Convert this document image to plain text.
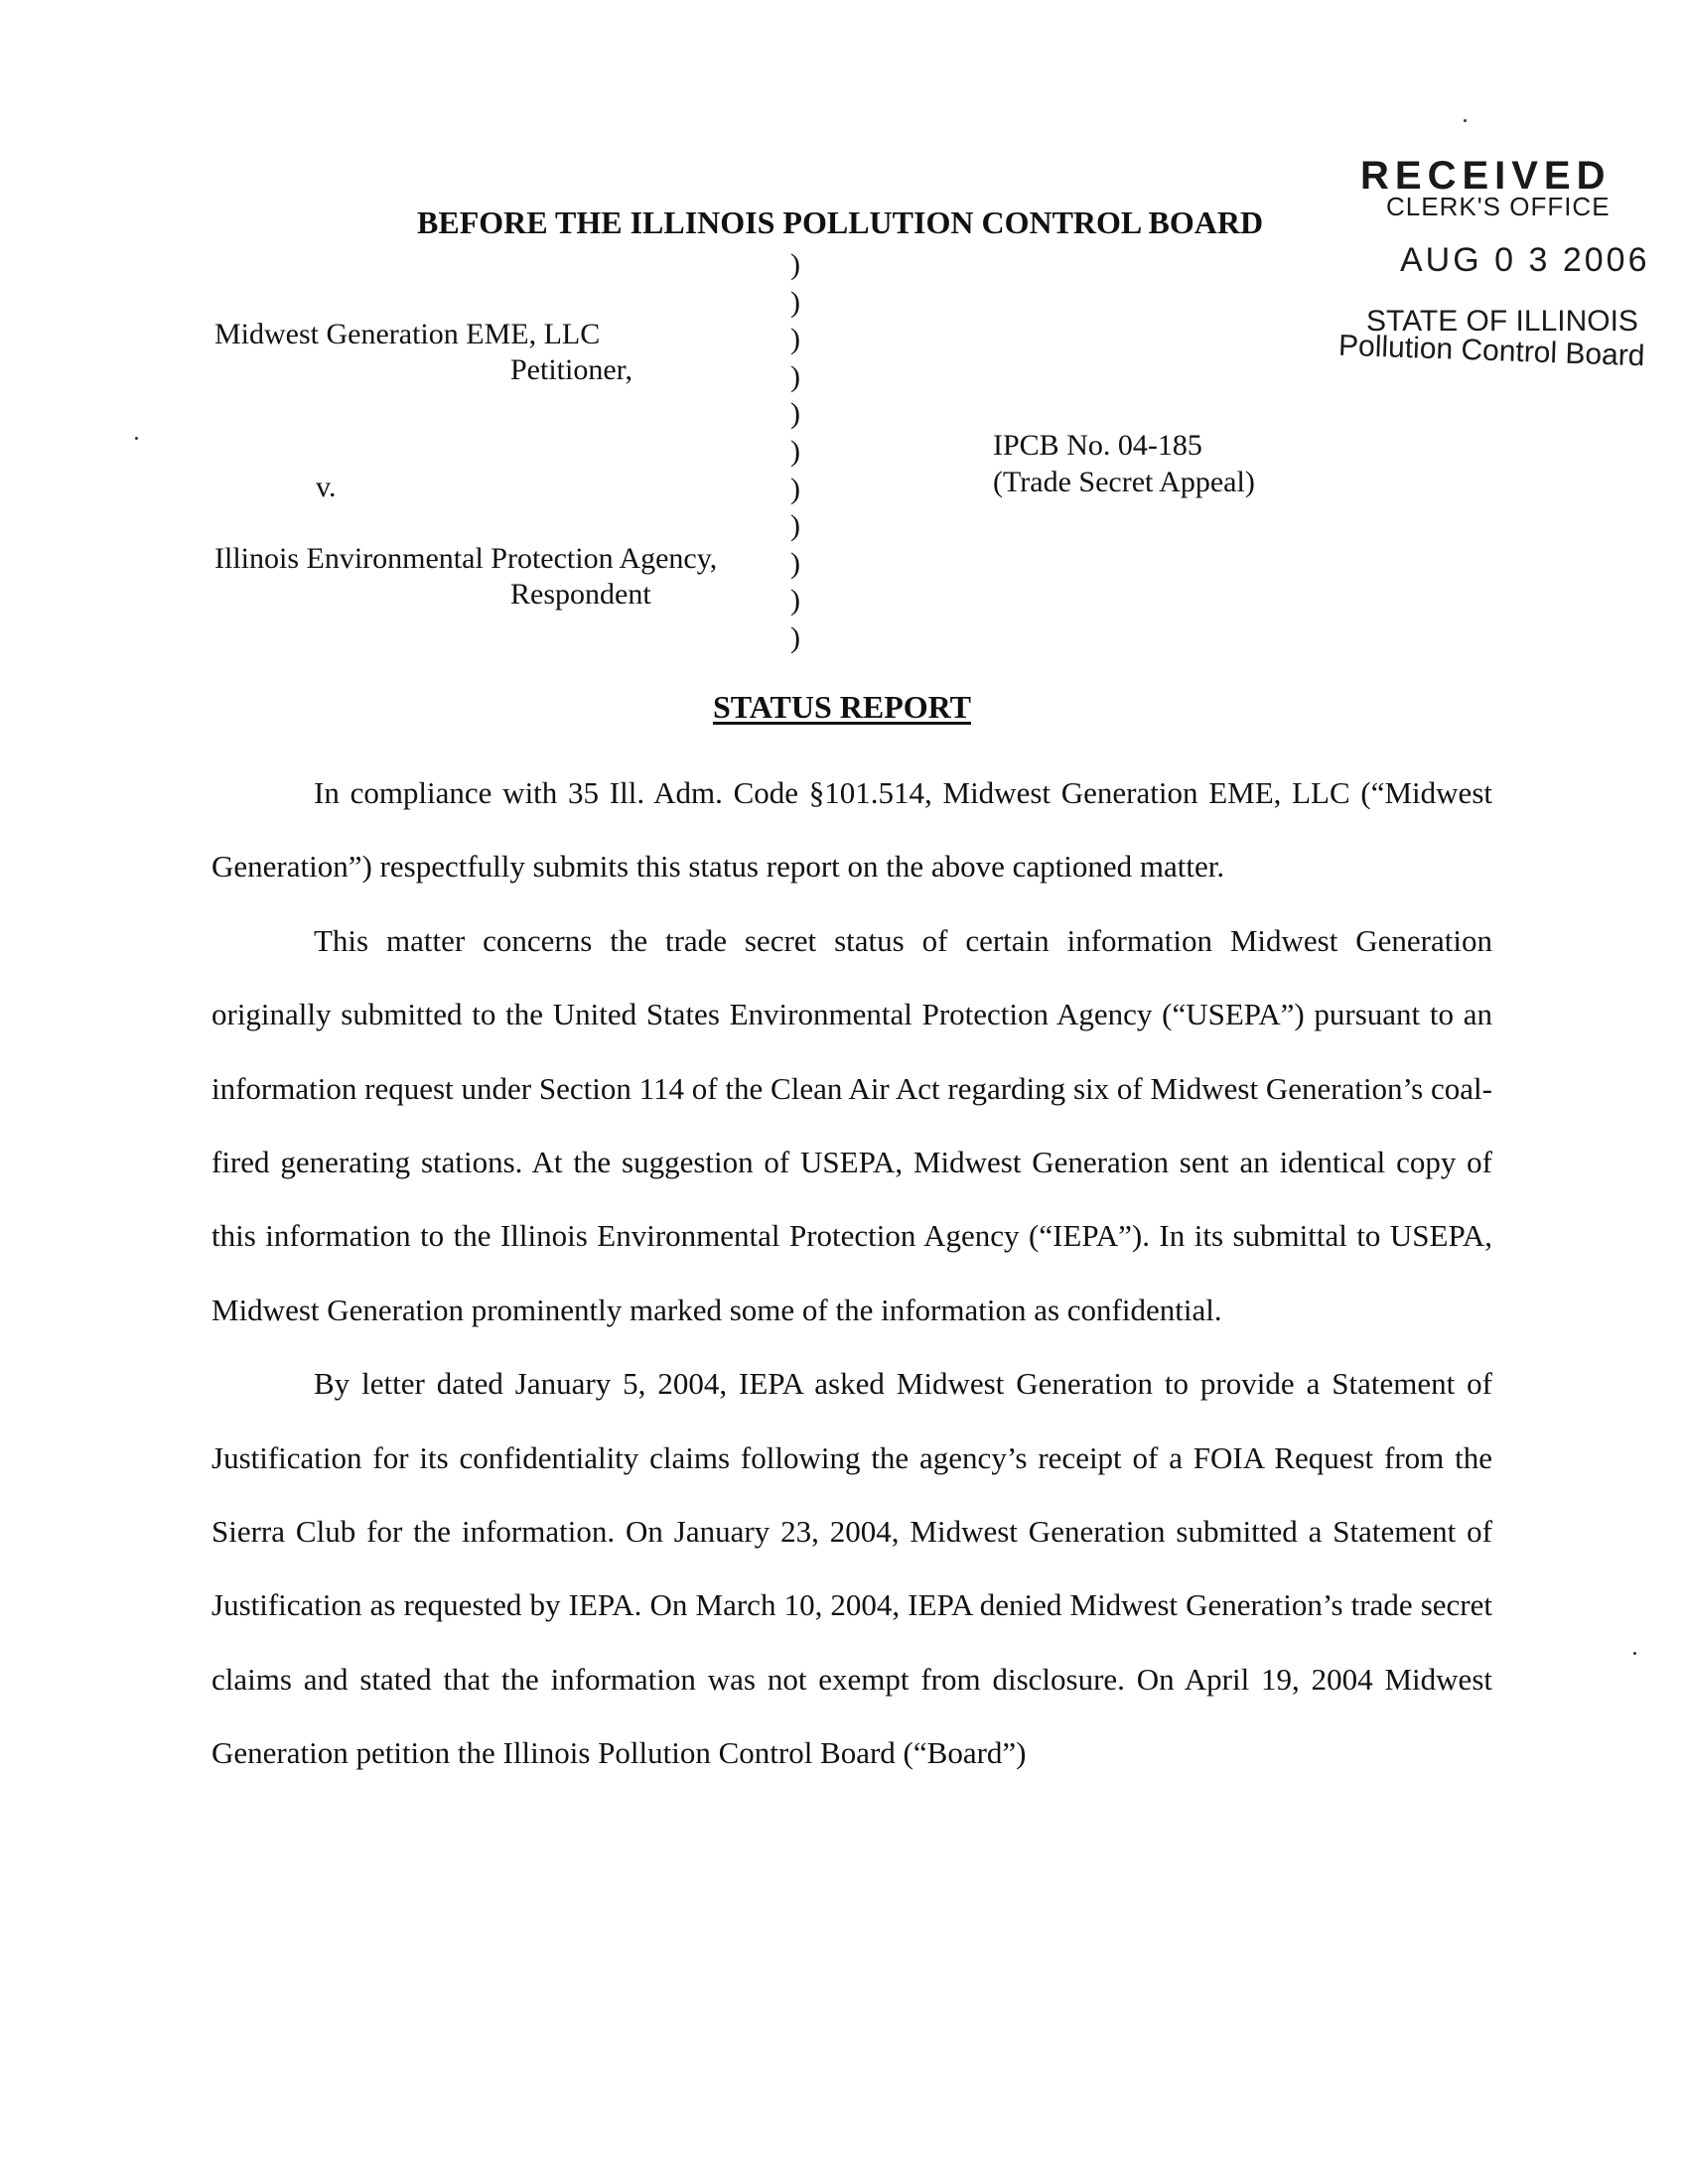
RECEIVED
CLERK'S OFFICE
AUG 0 3 2006
STATE OF ILLINOIS
Pollution Control Board
BEFORE THE ILLINOIS POLLUTION CONTROL BOARD
Midwest Generation EME, LLC
Petitioner,
v.
Illinois Environmental Protection Agency,
Respondent
)
)
)
)
)
)
)
)
)
)
)
IPCB No. 04-185
(Trade Secret Appeal)
STATUS REPORT

In compliance with 35 Ill. Adm. Code §101.514, Midwest Generation EME, LLC (“Midwest Generation”) respectfully submits this status report on the above captioned matter.

This matter concerns the trade secret status of certain information Midwest Generation originally submitted to the United States Environmental Protection Agency (“USEPA”) pursuant to an information request under Section 114 of the Clean Air Act regarding six of Midwest Generation’s coal-fired generating stations. At the suggestion of USEPA, Midwest Generation sent an identical copy of this information to the Illinois Environmental Protection Agency (“IEPA”). In its submittal to USEPA, Midwest Generation prominently marked some of the information as confidential.

By letter dated January 5, 2004, IEPA asked Midwest Generation to provide a Statement of Justification for its confidentiality claims following the agency’s receipt of a FOIA Request from the Sierra Club for the information. On January 23, 2004, Midwest Generation submitted a Statement of Justification as requested by IEPA. On March 10, 2004, IEPA denied Midwest Generation’s trade secret claims and stated that the information was not exempt from disclosure. On April 19, 2004 Midwest Generation petition the Illinois Pollution Control Board (“Board”)
